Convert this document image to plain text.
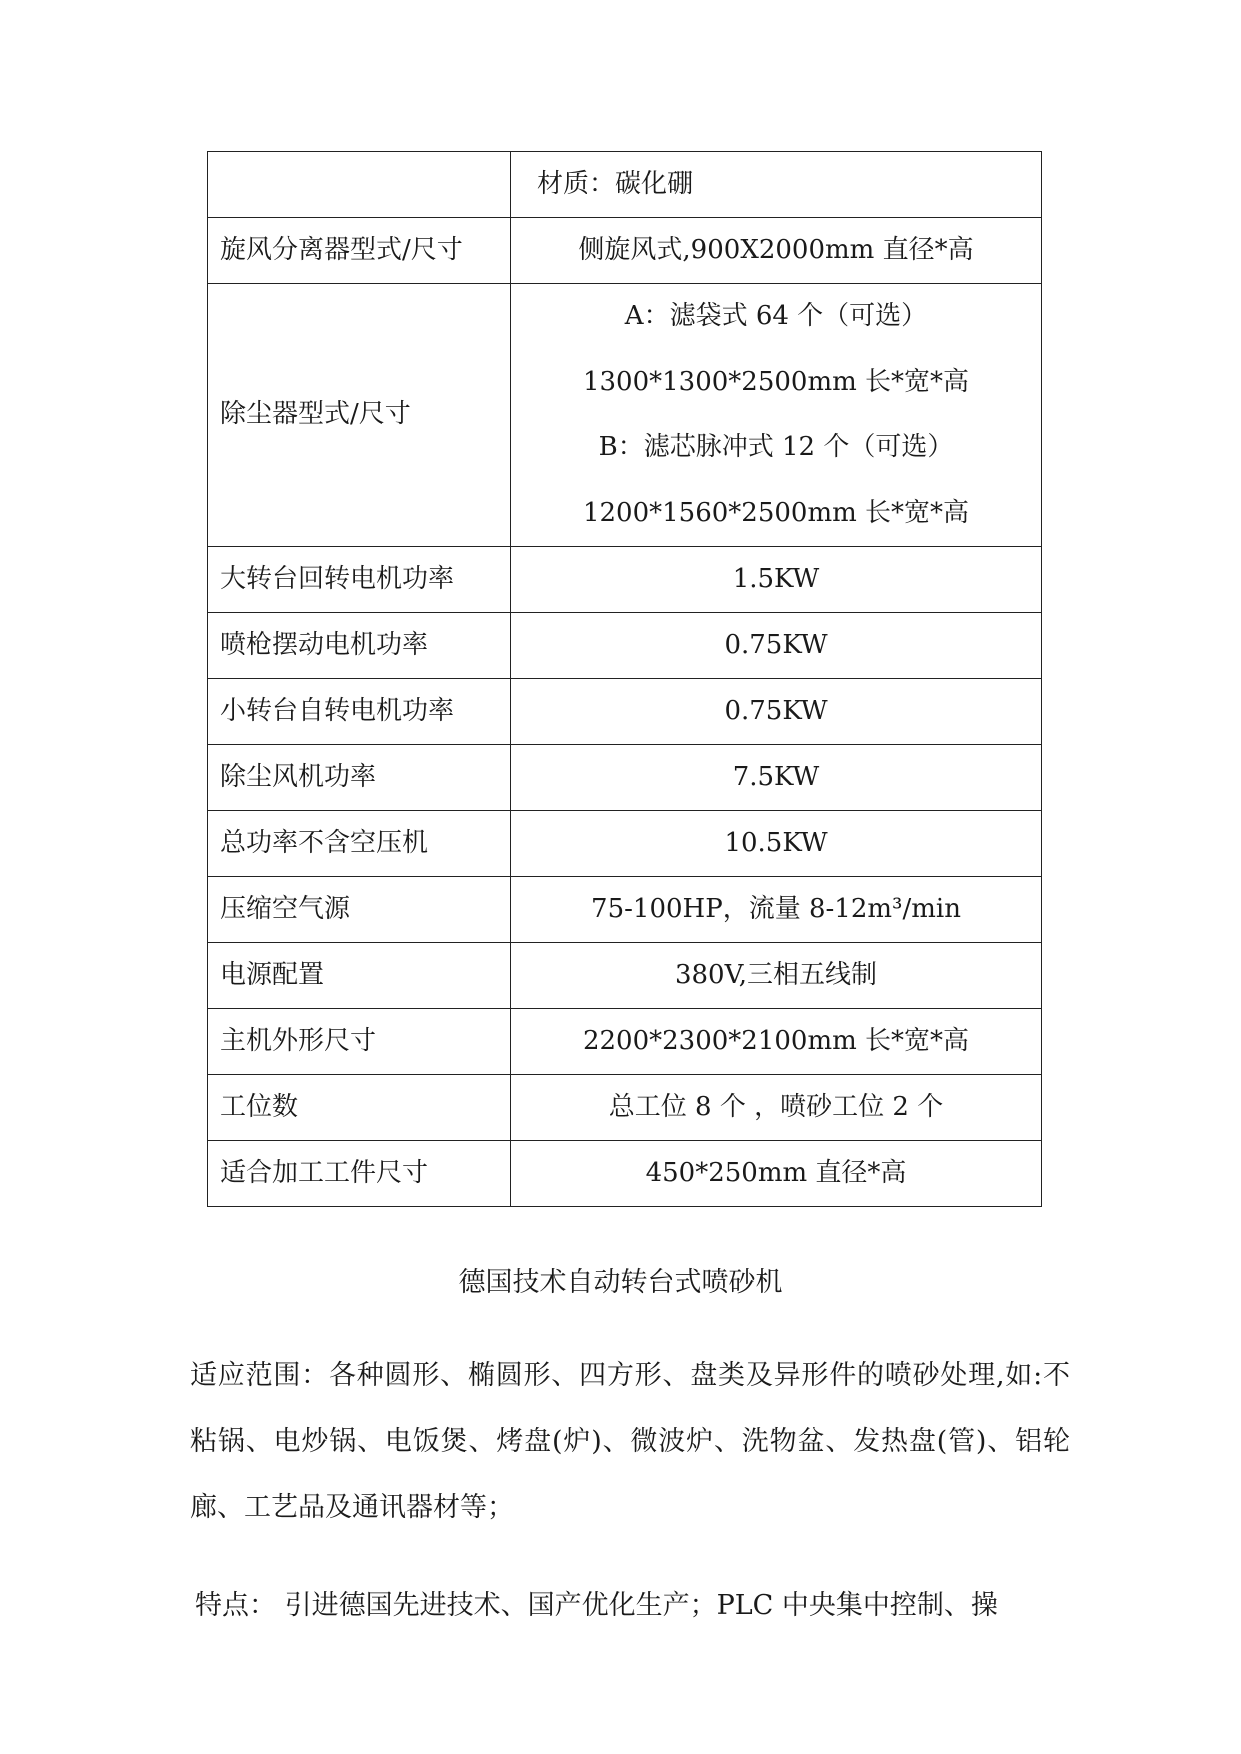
	材质：碳化硼
旋风分离器型式/尺寸	侧旋风式,900X2000mm 直径*高
除尘器型式/尺寸	A：滤袋式 64 个（可选）
1300*1300*2500mm 长*宽*高
B：滤芯脉冲式 12 个（可选）
1200*1560*2500mm 长*宽*高

大转台回转电机功率	1.5KW
喷枪摆动电机功率	0.75KW
小转台自转电机功率	0.75KW
除尘风机功率	7.5KW
总功率不含空压机	10.5KW
压缩空气源	75-100HP，流量 8-12m³/min
电源配置	380V,三相五线制
主机外形尺寸	2200*2300*2100mm 长*宽*高
工位数	总工位 8 个 ，喷砂工位 2 个
适合加工工件尺寸	450*250mm 直径*高
德国技术自动转台式喷砂机
适应范围：各种圆形、椭圆形、四方形、盘类及异形件的喷砂处理,如:不粘锅、电炒锅、电饭煲、烤盘(炉)、微波炉、洗物盆、发热盘(管)、铝轮廊、工艺品及通讯器材等；
特点： 引进德国先进技术、国产优化生产；PLC 中央集中控制、操
